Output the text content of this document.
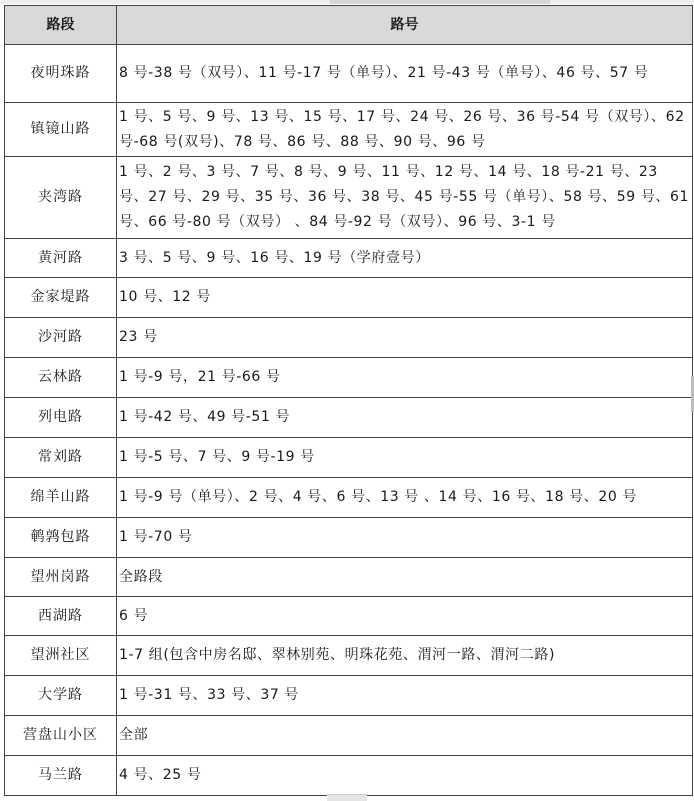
路段	路号
夜明珠路	8 号-38 号（双号）、11 号-17 号（单号）、21 号-43 号（单号）、46 号、57 号
镇镜山路	1 号、5 号、9 号、13 号、15 号、17 号、24 号、26 号、36 号-54 号（双号）、62 号-68 号(双号)、78 号、86 号、88 号、90 号、96 号
夹湾路	1 号、2 号、3 号、7 号、8 号、9 号、11 号、12 号、14 号、18 号-21 号、23 号、27 号、29 号、35 号、36 号、38 号、45 号-55 号（单号）、58 号、59 号、61 号、66 号-80 号（双号） 、84 号-92 号（双号）、96 号、3-1 号
黄河路	3 号、5 号、9 号、16 号、19 号（学府壹号）
金家堤路	10 号、12 号
沙河路	23 号
云林路	1 号-9 号，21 号-66 号
列电路	1 号-42 号、49 号-51 号
常刘路	1 号-5 号、7 号、9 号-19 号
绵羊山路	1 号-9 号（单号）、2 号、4 号、6 号、13 号 、14 号、16 号、18 号、20 号
鹌鹑包路	1 号-70 号
望州岗路	全路段
西湖路	6 号
望洲社区	1-7 组(包含中房名邸、翠林别苑、明珠花苑、渭河一路、渭河二路)
大学路	1 号-31 号、33 号、37 号
营盘山小区	全部
马兰路	4 号、25 号
